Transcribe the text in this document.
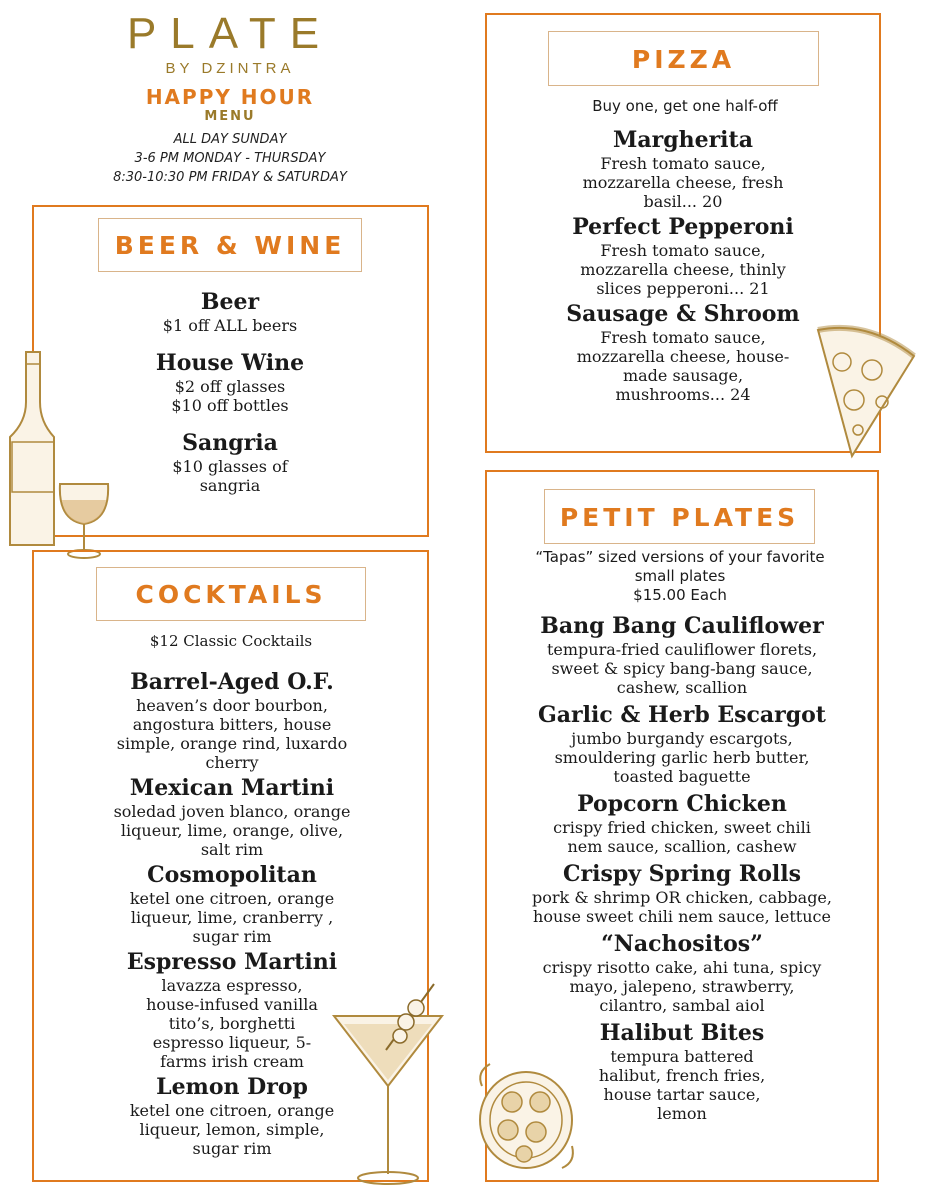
PLATE
BY DZINTRA
HAPPY HOUR
MENU
ALL DAY SUNDAY
3-6 PM MONDAY - THURSDAY
8:30-10:30 PM FRIDAY & SATURDAY
BEER & WINE
Beer
$1 off ALL beers
House Wine
$2 off glasses
$10 off bottles
Sangria
$10 glasses of
sangria
COCKTAILS
$12 Classic Cocktails
Barrel-Aged O.F.
heaven’s door bourbon,
angostura bitters, house
simple, orange rind, luxardo
cherry
Mexican Martini
soledad joven blanco, orange
liqueur, lime, orange, olive,
salt rim
Cosmopolitan
ketel one citroen, orange
liqueur, lime, cranberry ,
sugar rim
Espresso Martini
lavazza espresso,
house-infused vanilla
tito’s, borghetti
espresso liqueur, 5-
farms irish cream
Lemon Drop
ketel one citroen, orange
liqueur, lemon, simple,
sugar rim
PIZZA
Buy one, get one half-off
Margherita
Fresh tomato sauce,
mozzarella cheese, fresh
basil... 20
Perfect Pepperoni
Fresh tomato sauce,
mozzarella cheese, thinly
slices pepperoni... 21
Sausage & Shroom
Fresh tomato sauce,
mozzarella cheese, house-
made sausage,
mushrooms... 24
PETIT PLATES
“Tapas” sized versions of your favorite
small plates
$15.00 Each
Bang Bang Cauliflower
tempura-fried cauliflower florets,
sweet & spicy bang-bang sauce,
cashew, scallion
Garlic & Herb Escargot
jumbo burgandy escargots,
smouldering garlic herb butter,
toasted baguette
Popcorn Chicken
crispy fried chicken, sweet chili
nem sauce, scallion, cashew
Crispy Spring Rolls
pork & shrimp OR chicken, cabbage,
house sweet chili nem sauce, lettuce
“Nachositos”
crispy risotto cake, ahi tuna, spicy
mayo, jalepeno, strawberry,
cilantro, sambal aiol
Halibut Bites
tempura battered
halibut, french fries,
house tartar sauce,
lemon
